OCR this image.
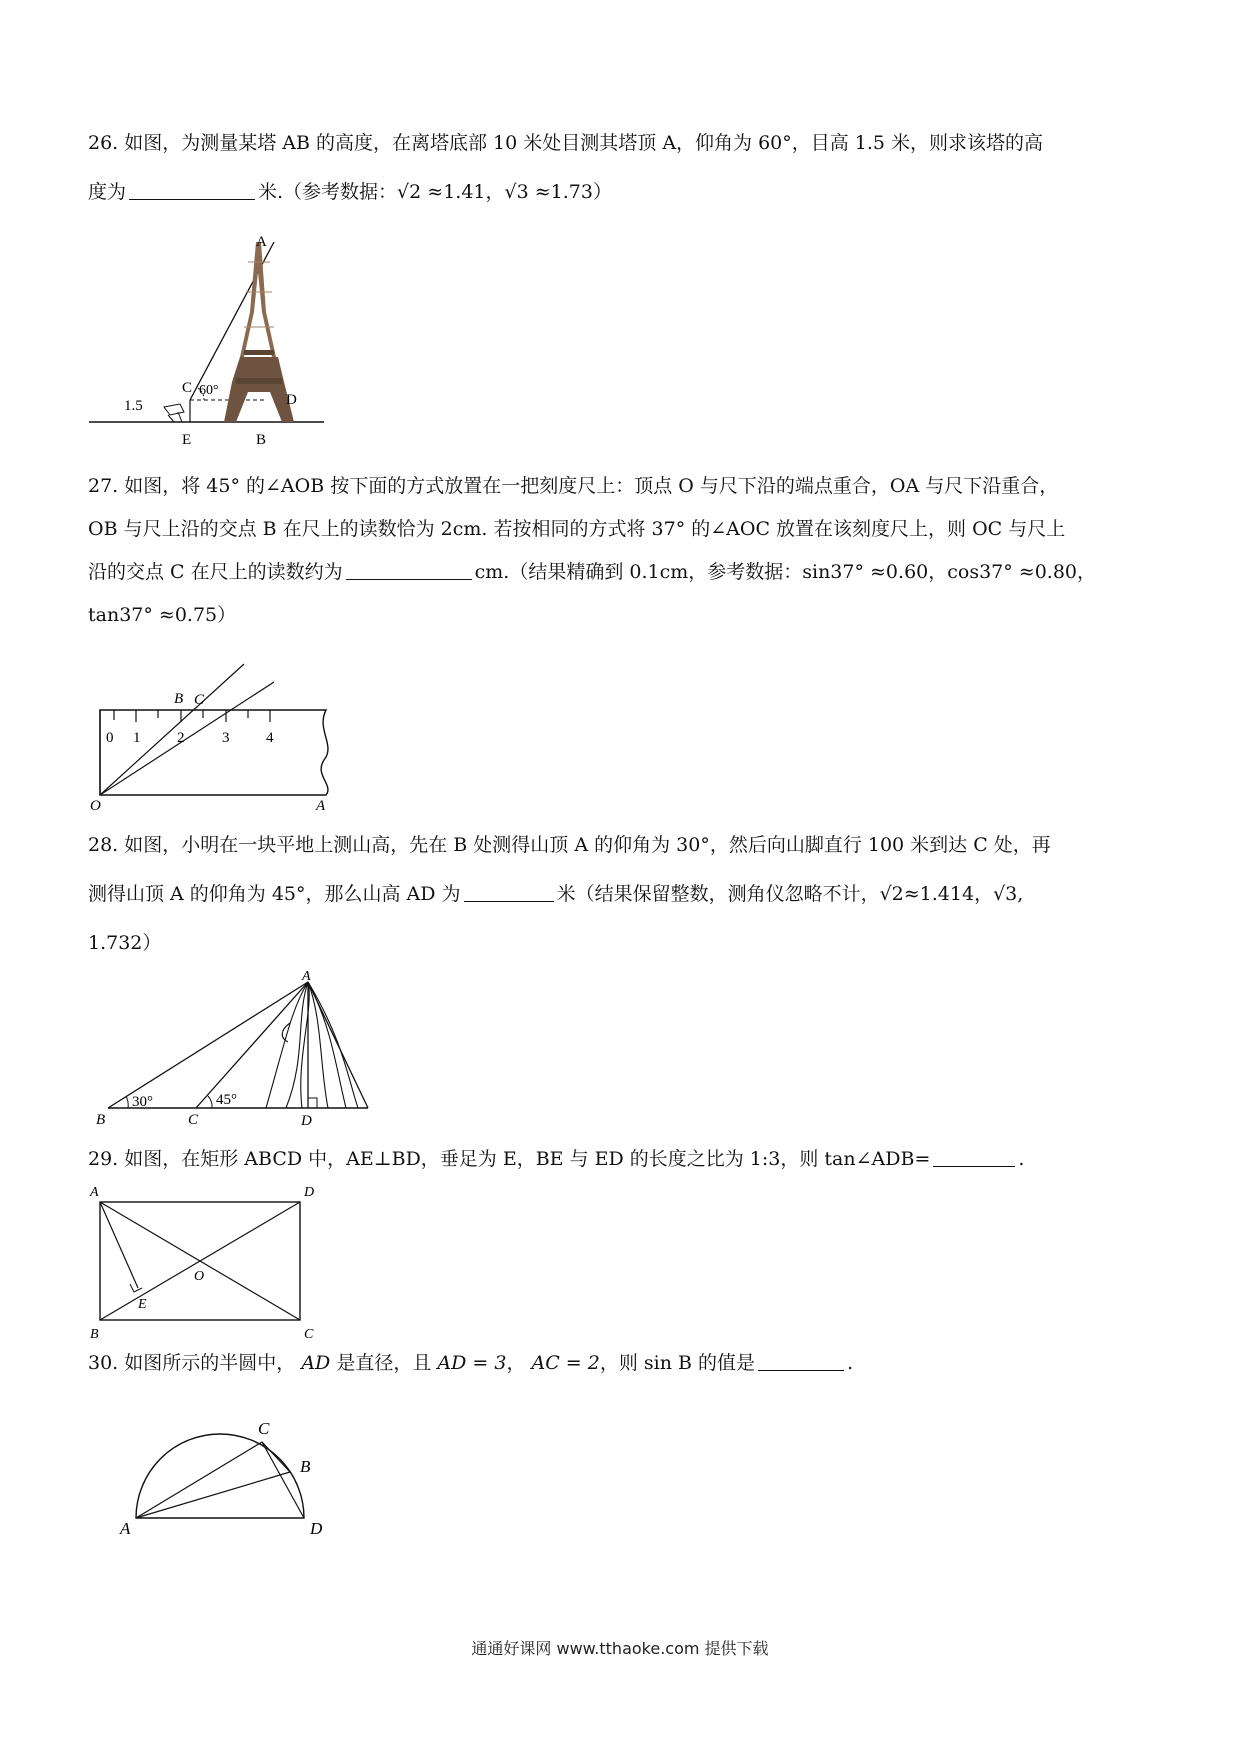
26. 如图，为测量某塔 AB 的高度，在离塔底部 10 米处目测其塔顶 A，仰角为 60°，目高 1.5 米，则求该塔的高
度为	米.（参考数据：√2 ≈1.41，√3 ≈1.73）
A
C 60°
D
1.5
E	B
27. 如图，将 45° 的∠AOB 按下面的方式放置在一把刻度尺上：顶点 O 与尺下沿的端点重合，OA 与尺下沿重合，
OB 与尺上沿的交点 B 在尺上的读数恰为 2cm. 若按相同的方式将 37° 的∠AOC 放置在该刻度尺上，则 OC 与尺上
沿的交点 C 在尺上的读数约为	cm.（结果精确到 0.1cm，参考数据：sin37° ≈0.60，cos37° ≈0.80，
tan37° ≈0.75）
0 1 2	3 4
B C
O	A
28. 如图，小明在一块平地上测山高，先在 B 处测得山顶 A 的仰角为 30°，然后向山脚直行 100 米到达 C 处，再
测得山顶 A 的仰角为 45°，那么山高 AD 为	米（结果保留整数，测角仪忽略不计，√2≈1.414，√3,
1.732）
A
B
30°
C
45°
D
29. 如图，在矩形 ABCD 中，AE⊥BD，垂足为 E，BE 与 ED 的长度之比为 1:3，则 tan∠ADB=	.
A	D
B	C
E
O
30. 如图所示的半圆中， AD 是直径，且 AD = 3， AC = 2，则 sin B 的值是	.
A
C
B
D
通通好课网 www.tthaoke.com 提供下载
